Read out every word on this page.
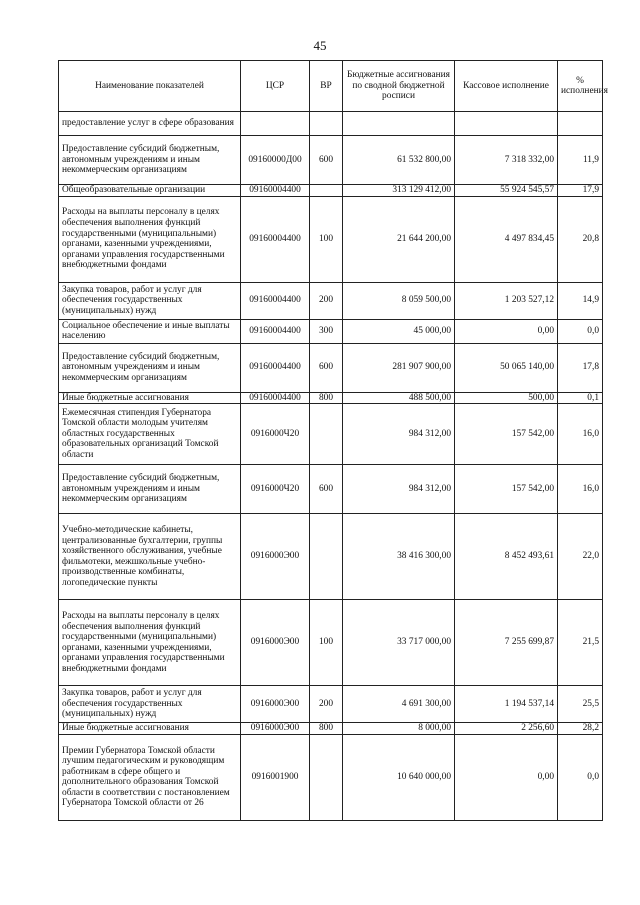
45
Наименование показателей	ЦСР	ВР	Бюджетные ассигнования по сводной бюджетной росписи	Кассовое исполнение	% исполнения
предоставление услуг в сфере образования					
Предоставление субсидий бюджетным, автономным учреждениям и иным некоммерческим организациям	09160000Д00	600	61 532 800,00	7 318 332,00	11,9
Общеобразовательные организации	09160004400		313 129 412,00	55 924 545,57	17,9
Расходы на выплаты персоналу в целях обеспечения выполнения функций государственными (муниципальными) органами, казенными учреждениями, органами управления государственными внебюджетными фондами	09160004400	100	21 644 200,00	4 497 834,45	20,8
Закупка товаров, работ и услуг для обеспечения государственных (муниципальных) нужд	09160004400	200	8 059 500,00	1 203 527,12	14,9
Социальное обеспечение и иные выплаты населению	09160004400	300	45 000,00	0,00	0,0
Предоставление субсидий бюджетным, автономным учреждениям и иным некоммерческим организациям	09160004400	600	281 907 900,00	50 065 140,00	17,8
Иные бюджетные ассигнования	09160004400	800	488 500,00	500,00	0,1
Ежемесячная стипендия Губернатора Томской области молодым учителям областных государственных образовательных организаций Томской области	0916000Ч20		984 312,00	157 542,00	16,0
Предоставление субсидий бюджетным, автономным учреждениям и иным некоммерческим организациям	0916000Ч20	600	984 312,00	157 542,00	16,0
Учебно-методические кабинеты, централизованные бухгалтерии, группы хозяйственного обслуживания, учебные фильмотеки, межшкольные учебно-производственные комбинаты, логопедические пункты	0916000Э00		38 416 300,00	8 452 493,61	22,0
Расходы на выплаты персоналу в целях обеспечения выполнения функций государственными (муниципальными) органами, казенными учреждениями, органами управления государственными внебюджетными фондами	0916000Э00	100	33 717 000,00	7 255 699,87	21,5
Закупка товаров, работ и услуг для обеспечения государственных (муниципальных) нужд	0916000Э00	200	4 691 300,00	1 194 537,14	25,5
Иные бюджетные ассигнования	0916000Э00	800	8 000,00	2 256,60	28,2
Премии Губернатора Томской области лучшим педагогическим и руководящим работникам в сфере общего и дополнительного образования Томской области в соответствии с постановлением Губернатора Томской области от 26	0916001900		10 640 000,00	0,00	0,0
